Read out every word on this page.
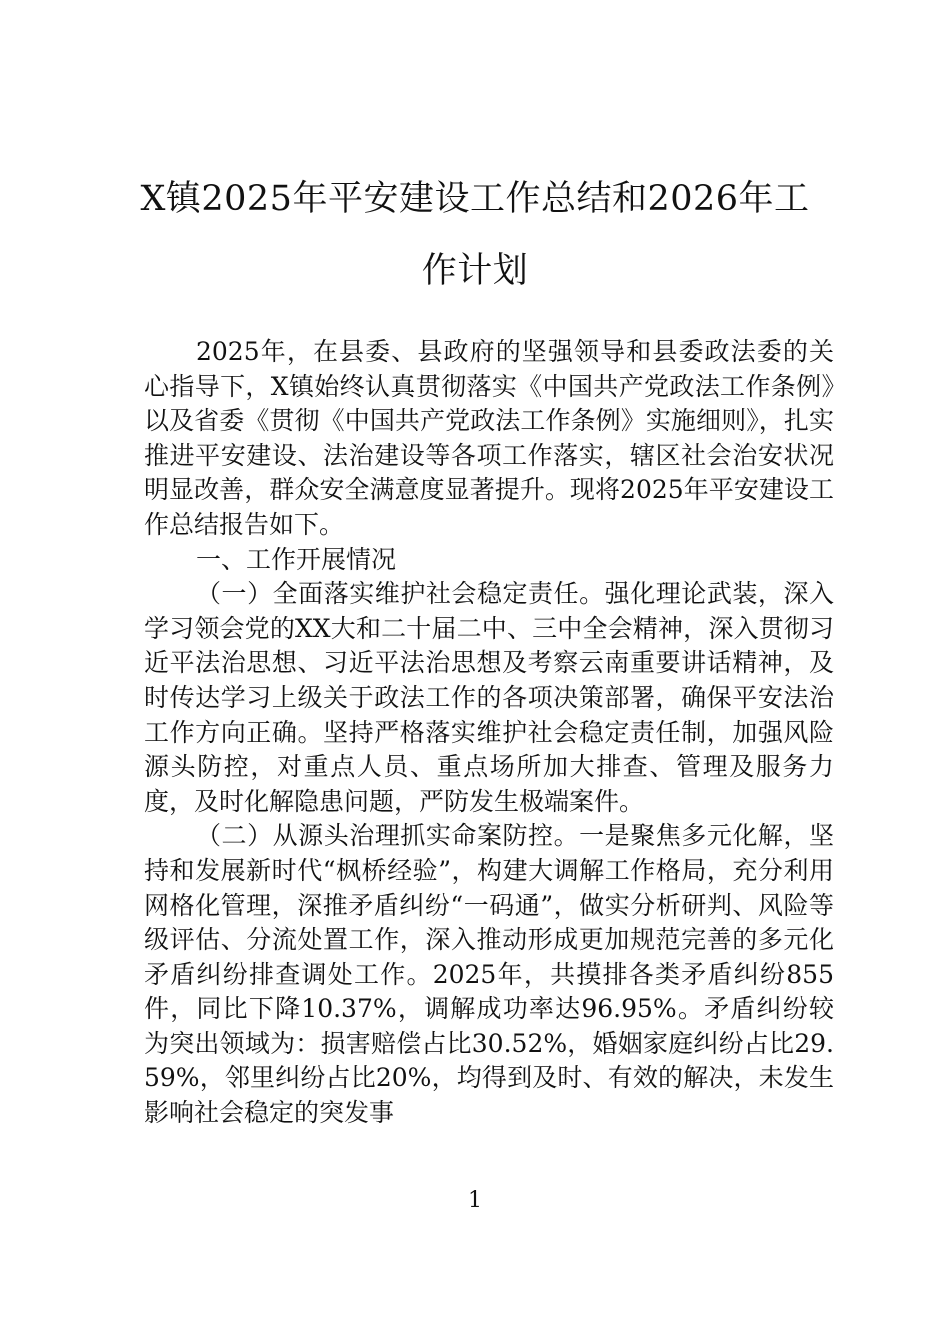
X镇2025年平安建设工作总结和2026年工作计划

2025年，在县委、县政府的坚强领导和县委政法委的关心指导下，X镇始终认真贯彻落实《中国共产党政法工作条例》以及省委《贯彻《中国共产党政法工作条例》实施细则》，扎实推进平安建设、法治建设等各项工作落实，辖区社会治安状况明显改善，群众安全满意度显著提升。现将2025年平安建设工作总结报告如下。

一、工作开展情况

（一）全面落实维护社会稳定责任。强化理论武装，深入学习领会党的XX大和二十届二中、三中全会精神，深入贯彻习近平法治思想、习近平法治思想及考察云南重要讲话精神，及时传达学习上级关于政法工作的各项决策部署，确保平安法治工作方向正确。坚持严格落实维护社会稳定责任制，加强风险源头防控，对重点人员、重点场所加大排查、管理及服务力度，及时化解隐患问题，严防发生极端案件。

（二）从源头治理抓实命案防控。一是聚焦多元化解，坚持和发展新时代“枫桥经验”，构建大调解工作格局，充分利用网格化管理，深推矛盾纠纷“一码通”，做实分析研判、风险等级评估、分流处置工作，深入推动形成更加规范完善的多元化矛盾纠纷排查调处工作。2025年，共摸排各类矛盾纠纷855件，同比下降10.37%，调解成功率达96.95%。矛盾纠纷较为突出领域为：损害赔偿占比30.52%，婚姻家庭纠纷占比29.59%，邻里纠纷占比20%，均得到及时、有效的解决，未发生影响社会稳定的突发事

1
